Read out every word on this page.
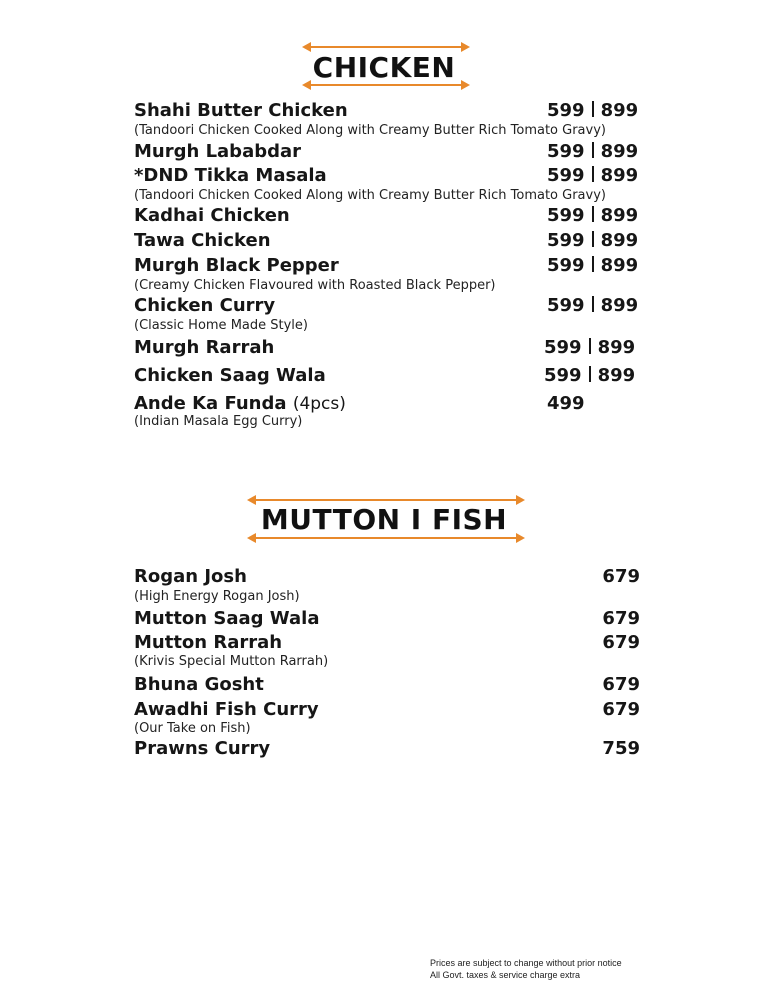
CHICKEN
Shahi Butter Chicken	599 899
(Tandoori Chicken Cooked Along with Creamy Butter Rich Tomato Gravy)
Murgh Lababdar	599 899
*DND Tikka Masala	599 899
(Tandoori Chicken Cooked Along with Creamy Butter Rich Tomato Gravy)
Kadhai Chicken	599 899
Tawa Chicken	599 899
Murgh Black Pepper	599 899
(Creamy Chicken Flavoured with Roasted Black Pepper)
Chicken Curry	599 899
(Classic Home Made Style)
Murgh Rarrah	599 899
Chicken Saag Wala	599 899
Ande Ka Funda (4pcs)	499
(Indian Masala Egg Curry)
MUTTON I FISH
Rogan Josh	679
(High Energy Rogan Josh)
Mutton Saag Wala	679
Mutton Rarrah	679
(Krivis Special Mutton Rarrah)
Bhuna Gosht	679
Awadhi Fish Curry	679
(Our Take on Fish)
Prawns Curry	759
Prices are subject to change without prior notice
All Govt. taxes & service charge extra
